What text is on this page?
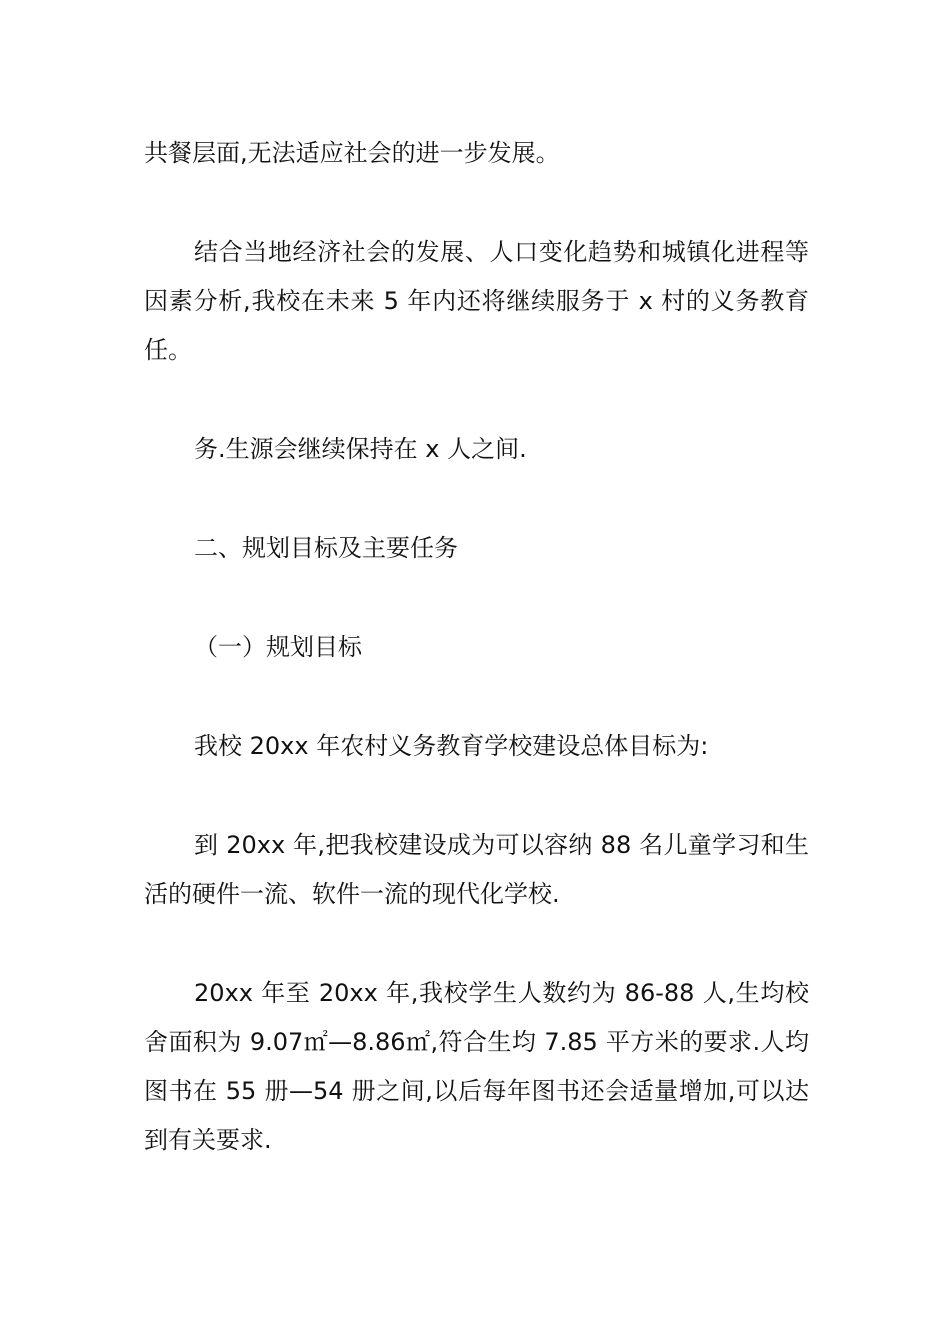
共餐层面,无法适应社会的进一步发展。

结合当地经济社会的发展、人口变化趋势和城镇化进程等因素分析,我校在未来 5 年内还将继续服务于 x 村的义务教育任。

务.生源会继续保持在 x 人之间.

二、规划目标及主要任务

（一）规划目标

我校 20xx 年农村义务教育学校建设总体目标为:

到 20xx 年,把我校建设成为可以容纳 88 名儿童学习和生活的硬件一流、软件一流的现代化学校.

20xx 年至 20xx 年,我校学生人数约为 86-88 人,生均校舍面积为 9.07㎡—8.86㎡,符合生均 7.85 平方米的要求.人均图书在 55 册—54 册之间,以后每年图书还会适量增加,可以达到有关要求.
